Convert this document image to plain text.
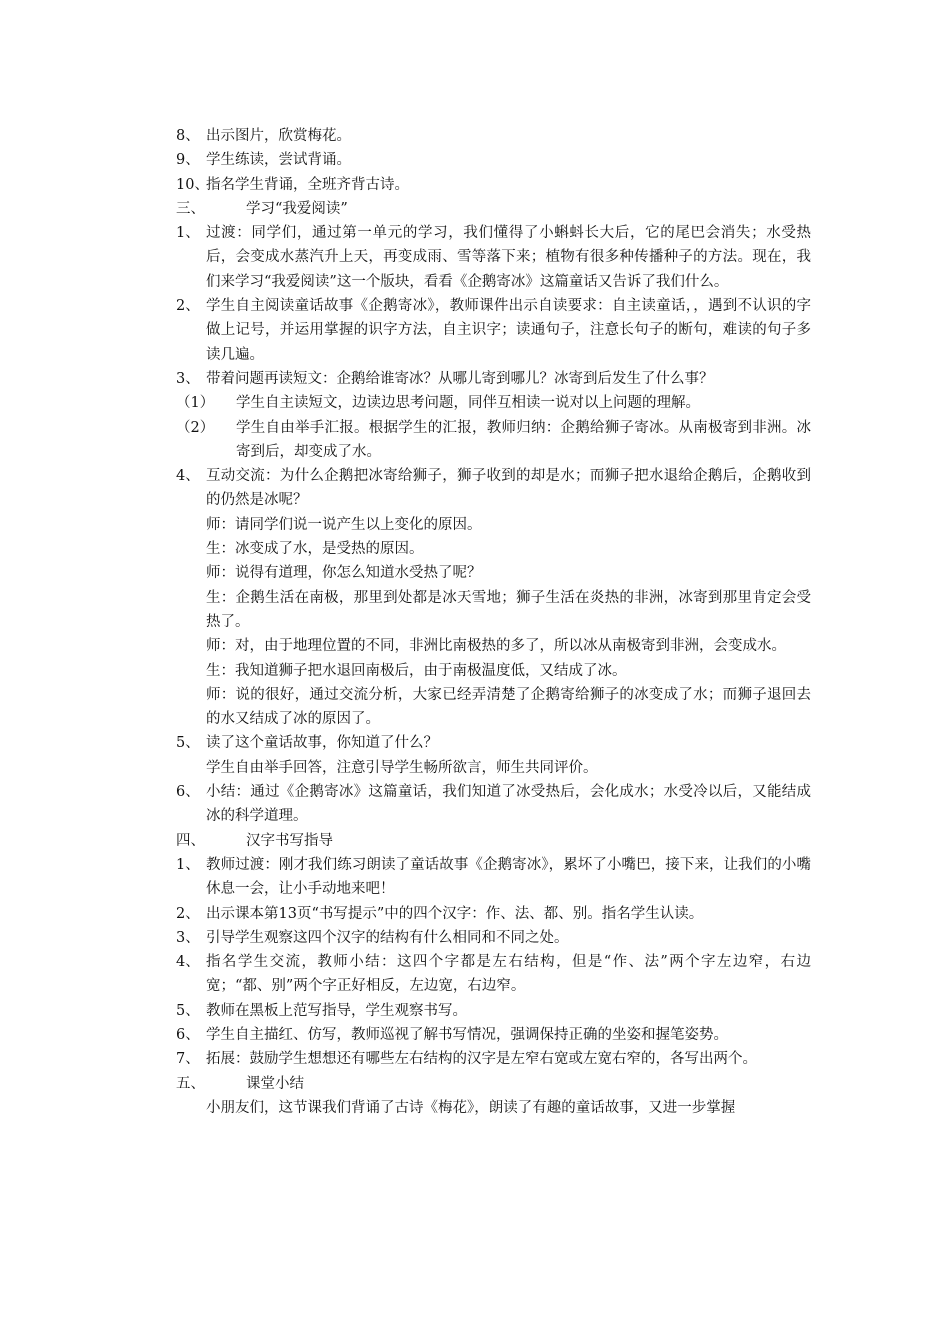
8、 出示图片，欣赏梅花。
9、 学生练读，尝试背诵。
10、
指名学生背诵，全班齐背古诗。
三、	学习“我爱阅读”
1、 过渡：同学们，通过第一单元的学习，我们懂得了小蝌蚪长大后，它的尾巴会消失；水受热后，会变成水蒸汽升上天，再变成雨、雪等落下来；植物有很多种传播种子的方法。现在，我们来学习“我爱阅读”这一个版块，看看《企鹅寄冰》这篇童话又告诉了我们什么。
2、 学生自主阅读童话故事《企鹅寄冰》，教师课件出示自读要求：自主读童话，，遇到不认识的字做上记号，并运用掌握的识字方法，自主识字；读通句子，注意长句子的断句，难读的句子多读几遍。
3、 带着问题再读短文：企鹅给谁寄冰？从哪儿寄到哪儿？冰寄到后发生了什么事？
（1）	学生自主读短文，边读边思考问题，同伴互相读一说对以上问题的理解。
（2）	学生自由举手汇报。根据学生的汇报，教师归纳：企鹅给狮子寄冰。从南极寄到非洲。冰寄到后，却变成了水。
4、 互动交流：为什么企鹅把冰寄给狮子，狮子收到的却是水；而狮子把水退给企鹅后，企鹅收到的仍然是冰呢？
师：请同学们说一说产生以上变化的原因。
生：冰变成了水，是受热的原因。
师：说得有道理，你怎么知道水受热了呢？
生：企鹅生活在南极，那里到处都是冰天雪地；狮子生活在炎热的非洲，冰寄到那里肯定会受热了。
师：对，由于地理位置的不同，非洲比南极热的多了，所以冰从南极寄到非洲，会变成水。
生：我知道狮子把水退回南极后，由于南极温度低，又结成了冰。
师：说的很好，通过交流分析，大家已经弄清楚了企鹅寄给狮子的冰变成了水；而狮子退回去的水又结成了冰的原因了。
5、 读了这个童话故事，你知道了什么？
学生自由举手回答，注意引导学生畅所欲言，师生共同评价。
6、 小结：通过《企鹅寄冰》这篇童话，我们知道了冰受热后，会化成水；水受冷以后，又能结成冰的科学道理。
四、	汉字书写指导
1、 教师过渡：刚才我们练习朗读了童话故事《企鹅寄冰》，累坏了小嘴巴，接下来，让我们的小嘴休息一会，让小手动地来吧！
2、 出示课本第13页“书写提示”中的四个汉字：作、法、都、别。指名学生认读。
3、 引导学生观察这四个汉字的结构有什么相同和不同之处。
4、 指名学生交流，教师小结：这四个字都是左右结构，但是“作、法”两个字左边窄，右边宽；“都、别”两个字正好相反，左边宽，右边窄。
5、 教师在黑板上范写指导，学生观察书写。
6、 学生自主描红、仿写，教师巡视了解书写情况，强调保持正确的坐姿和握笔姿势。
7、 拓展：鼓励学生想想还有哪些左右结构的汉字是左窄右宽或左宽右窄的，各写出两个。
五、	课堂小结
小朋友们，这节课我们背诵了古诗《梅花》，朗读了有趣的童话故事，又进一步掌握
